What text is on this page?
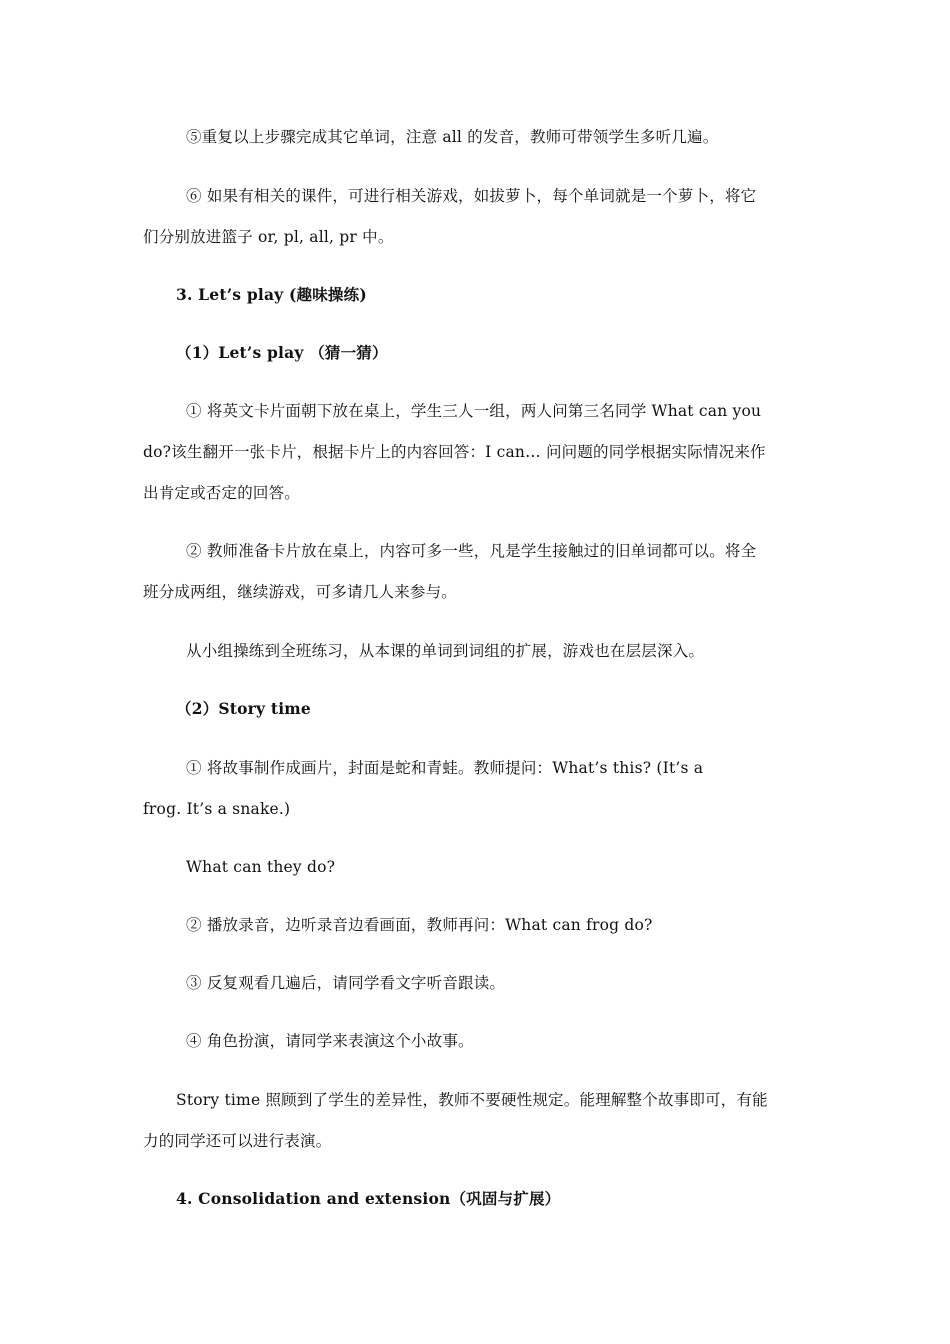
⑤重复以上步骤完成其它单词，注意 all 的发音，教师可带领学生多听几遍。
⑥ 如果有相关的课件，可进行相关游戏，如拔萝卜，每个单词就是一个萝卜，将它
们分别放进篮子 or, pl, all, pr 中。
3. Let’s play (趣味操练)
（1）Let’s play （猜一猜）
① 将英文卡片面朝下放在桌上，学生三人一组，两人问第三名同学 What can you
do?该生翻开一张卡片，根据卡片上的内容回答：I can… 问问题的同学根据实际情况来作
出肯定或否定的回答。
② 教师准备卡片放在桌上，内容可多一些，凡是学生接触过的旧单词都可以。将全
班分成两组，继续游戏，可多请几人来参与。
从小组操练到全班练习，从本课的单词到词组的扩展，游戏也在层层深入。
（2）Story time
① 将故事制作成画片，封面是蛇和青蛙。教师提问：What’s this? (It’s a
frog. It’s a snake.)
What can they do?
② 播放录音，边听录音边看画面，教师再问：What can frog do?
③ 反复观看几遍后，请同学看文字听音跟读。
④ 角色扮演，请同学来表演这个小故事。
Story time 照顾到了学生的差异性，教师不要硬性规定。能理解整个故事即可，有能
力的同学还可以进行表演。
4. Consolidation and extension（巩固与扩展）
